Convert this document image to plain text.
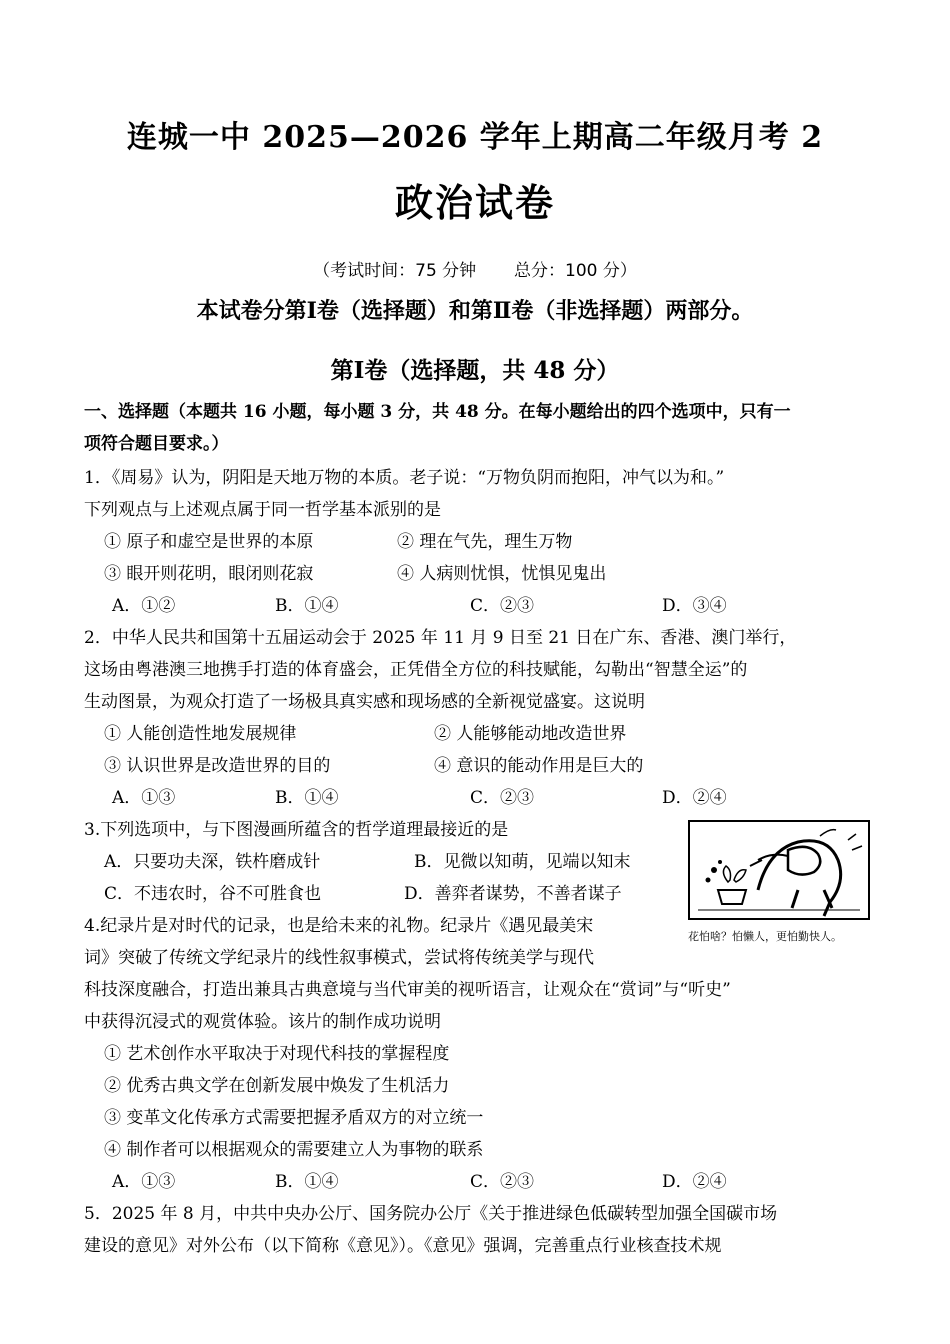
连城一中 2025—2026 学年上期高二年级月考 2
政治试卷
（考试时间：75 分钟       总分：100 分）
本试卷分第Ⅰ卷（选择题）和第Ⅱ卷（非选择题）两部分。
第Ⅰ卷（选择题，共 48 分）
一、选择题（本题共 16 小题，每小题 3 分，共 48 分。在每小题给出的四个选项中，只有一
项符合题目要求。）
1．《周易》认为，阴阳是天地万物的本质。老子说：“万物负阴而抱阳，冲气以为和。”
下列观点与上述观点属于同一哲学基本派别的是
① 原子和虚空是世界的本原	② 理在气先，理生万物
③ 眼开则花明，眼闭则花寂	④ 人病则忧惧，忧惧见鬼出
A．①②	B．①④	C．②③	D．③④
2．中华人民共和国第十五届运动会于 2025 年 11 月 9 日至 21 日在广东、香港、澳门举行，
这场由粤港澳三地携手打造的体育盛会，正凭借全方位的科技赋能，勾勒出“智慧全运”的
生动图景，为观众打造了一场极具真实感和现场感的全新视觉盛宴。这说明
① 人能创造性地发展规律	② 人能够能动地改造世界
③ 认识世界是改造世界的目的	④ 意识的能动作用是巨大的
A．①③	B．①④	C．②③	D．②④
3.下列选项中，与下图漫画所蕴含的哲学道理最接近的是
A．只要功夫深，铁杵磨成针	B．见微以知萌，见端以知末
C．不违农时，谷不可胜食也	D．善弈者谋势，不善者谋子
花怕啥？怕懒人，更怕勤快人。
4.纪录片是对时代的记录，也是给未来的礼物。纪录片《遇见最美宋
词》突破了传统文学纪录片的线性叙事模式，尝试将传统美学与现代
科技深度融合，打造出兼具古典意境与当代审美的视听语言，让观众在“赏词”与“听史”
中获得沉浸式的观赏体验。该片的制作成功说明
① 艺术创作水平取决于对现代科技的掌握程度
② 优秀古典文学在创新发展中焕发了生机活力
③ 变革文化传承方式需要把握矛盾双方的对立统一
④ 制作者可以根据观众的需要建立人为事物的联系
A．①③	B．①④	C．②③	D．②④
5．2025 年 8 月，中共中央办公厅、国务院办公厅《关于推进绿色低碳转型加强全国碳市场
建设的意见》对外公布（以下简称《意见》）。《意见》强调，完善重点行业核查技术规
